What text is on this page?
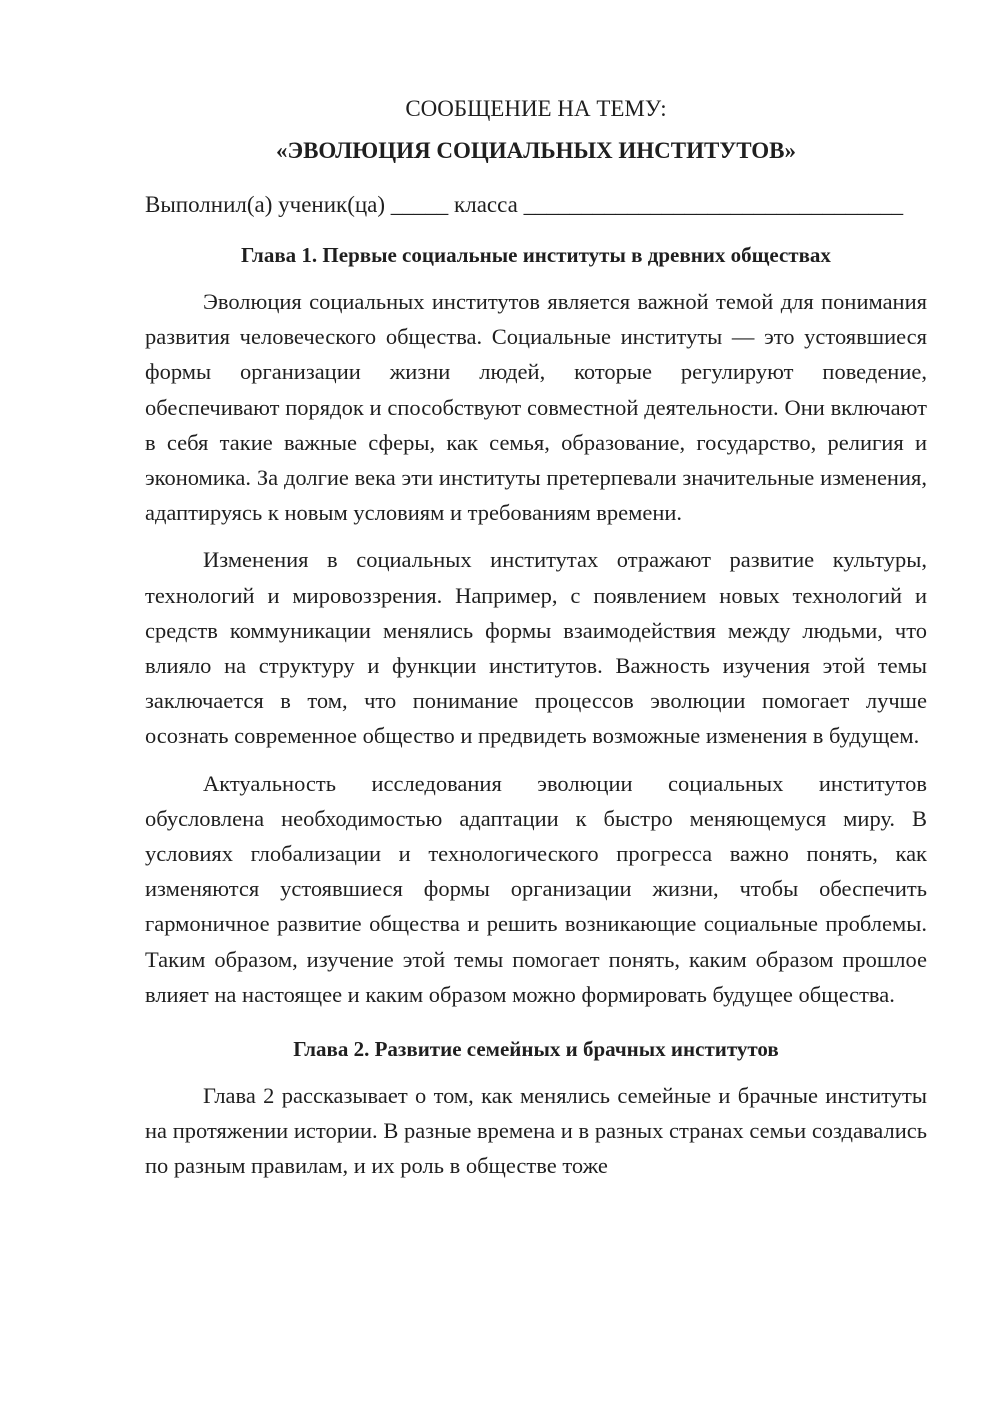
СООБЩЕНИЕ НА ТЕМУ:
«ЭВОЛЮЦИЯ СОЦИАЛЬНЫХ ИНСТИТУТОВ»

Выполнил(а) ученик(ца) _____ класса _________________________________

Глава 1. Первые социальные институты в древних обществах

Эволюция социальных институтов является важной темой для понимания развития человеческого общества. Социальные институты — это устоявшиеся формы организации жизни людей, которые регулируют поведение, обеспечивают порядок и способствуют совместной деятельности. Они включают в себя такие важные сферы, как семья, образование, государство, религия и экономика. За долгие века эти институты претерпевали значительные изменения, адаптируясь к новым условиям и требованиям времени.

Изменения в социальных институтах отражают развитие культуры, технологий и мировоззрения. Например, с появлением новых технологий и средств коммуникации менялись формы взаимодействия между людьми, что влияло на структуру и функции институтов. Важность изучения этой темы заключается в том, что понимание процессов эволюции помогает лучше осознать современное общество и предвидеть возможные изменения в будущем.

Актуальность исследования эволюции социальных институтов обусловлена необходимостью адаптации к быстро меняющемуся миру. В условиях глобализации и технологического прогресса важно понять, как изменяются устоявшиеся формы организации жизни, чтобы обеспечить гармоничное развитие общества и решить возникающие социальные проблемы. Таким образом, изучение этой темы помогает понять, каким образом прошлое влияет на настоящее и каким образом можно формировать будущее общества.

Глава 2. Развитие семейных и брачных институтов

Глава 2 рассказывает о том, как менялись семейные и брачные институты на протяжении истории. В разные времена и в разных странах семьи создавались по разным правилам, и их роль в обществе тоже
